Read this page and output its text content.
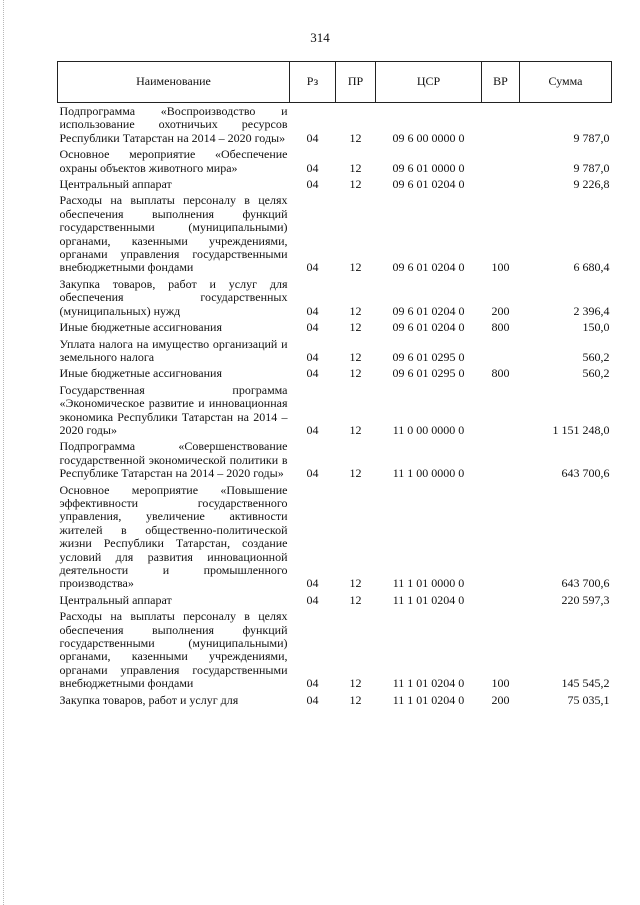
314
Наименование	Рз	ПР	ЦСР	ВР	Сумма
Подпрограмма «Воспроизводство и использование охотничьих ресурсов Республики Татарстан на 2014 – 2020 годы»	04	12	09 6 00 0000 0		9 787,0
Основное мероприятие «Обеспечение охраны объектов животного мира»	04	12	09 6 01 0000 0		9 787,0
Центральный аппарат	04	12	09 6 01 0204 0		9 226,8
Расходы на выплаты персоналу в целях обеспечения выполнения функций государственными (муниципальными) органами, казенными учреждениями, органами управления государственными внебюджетными фондами	04	12	09 6 01 0204 0	100	6 680,4
Закупка товаров, работ и услуг для обеспечения государственных (муниципальных) нужд	04	12	09 6 01 0204 0	200	2 396,4
Иные бюджетные ассигнования	04	12	09 6 01 0204 0	800	150,0
Уплата налога на имущество организаций и земельного налога	04	12	09 6 01 0295 0		560,2
Иные бюджетные ассигнования	04	12	09 6 01 0295 0	800	560,2
Государственная программа «Экономическое развитие и инновационная экономика Республики Татарстан на 2014 – 2020 годы»	04	12	11 0 00 0000 0		1 151 248,0
Подпрограмма «Совершенствование государственной экономической политики в Республике Татарстан на 2014 – 2020 годы»	04	12	11 1 00 0000 0		643 700,6
Основное мероприятие «Повышение эффективности государственного управления, увеличение активности жителей в общественно-политической жизни Республики Татарстан, создание условий для развития инновационной деятельности и промышленного производства»	04	12	11 1 01 0000 0		643 700,6
Центральный аппарат	04	12	11 1 01 0204 0		220 597,3
Расходы на выплаты персоналу в целях обеспечения выполнения функций государственными (муниципальными) органами, казенными учреждениями, органами управления государственными внебюджетными фондами	04	12	11 1 01 0204 0	100	145 545,2
Закупка товаров, работ и услуг для	04	12	11 1 01 0204 0	200	75 035,1
